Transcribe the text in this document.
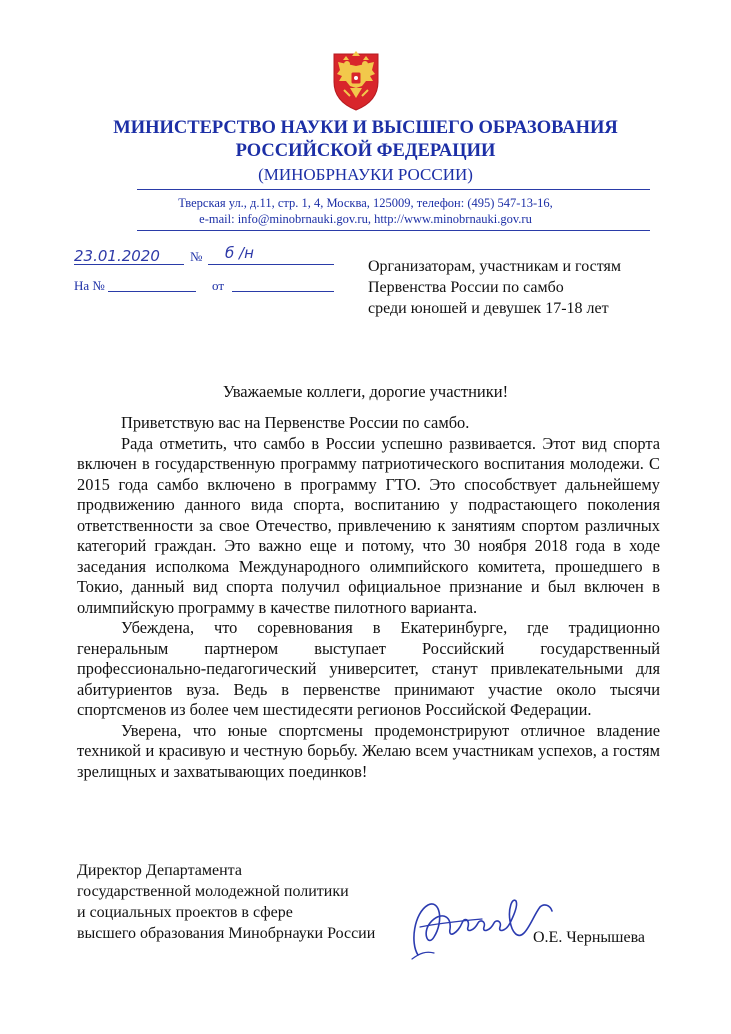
МИНИСТЕРСТВО НАУКИ И ВЫСШЕГО ОБРАЗОВАНИЯ
РОССИЙСКОЙ ФЕДЕРАЦИИ
(МИНОБРНАУКИ РОССИИ)
Тверская ул., д.11, стр. 1, 4, Москва, 125009, телефон: (495) 547-13-16,
e-mail: info@minobrnauki.gov.ru, http://www.minobrnauki.gov.ru
23.01.2020 № б /н
На №	от
Организаторам, участникам и гостям
Первенства России по самбо
среди юношей и девушек 17-18 лет
Уважаемые коллеги, дорогие участники!

Приветствую вас на Первенстве России по самбо.

Рада отметить, что самбо в России успешно развивается. Этот вид спорта включен в государственную программу патриотического воспитания молодежи. С 2015 года самбо включено в программу ГТО. Это способствует дальнейшему продвижению данного вида спорта, воспитанию у подрастающего поколения ответственности за свое Отечество, привлечению к занятиям спортом различных категорий граждан. Это важно еще и потому, что 30 ноября 2018 года в ходе заседания исполкома Международного олимпийского комитета, прошедшего в Токио, данный вид спорта получил официальное признание и был включен в олимпийскую программу в качестве пилотного варианта.

Убеждена, что соревнования в Екатеринбурге, где традиционно генеральным партнером выступает Российский государственный профессионально-педагогический университет, станут привлекательными для абитуриентов вуза. Ведь в первенстве принимают участие около тысячи спортсменов из более чем шестидесяти регионов Российской Федерации.

Уверена, что юные спортсмены продемонстрируют отличное владение техникой и красивую и честную борьбу. Желаю всем участникам успехов, а гостям зрелищных и захватывающих поединков!

Директор Департамента
государственной молодежной политики
и социальных проектов в сфере
высшего образования Минобрнауки России	О.Е. Чернышева
